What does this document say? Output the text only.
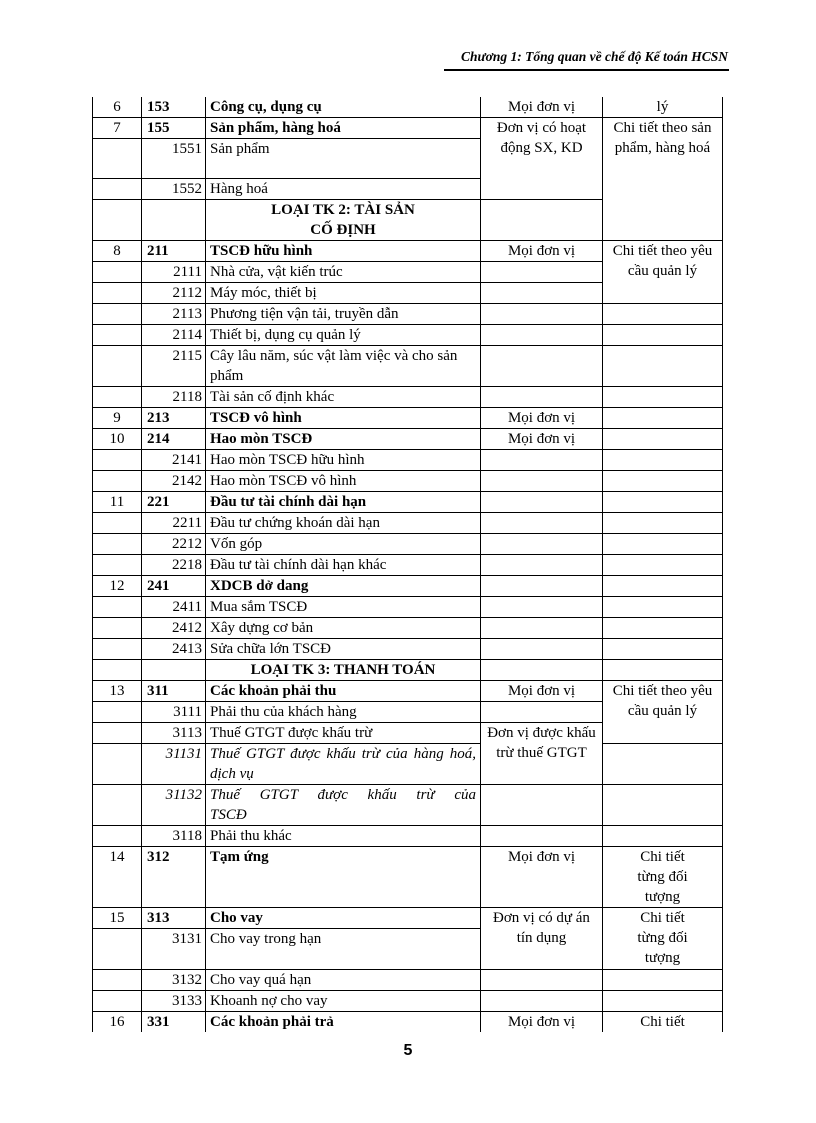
Chương 1: Tổng quan về chế độ Kế toán HCSN
6	153	Công cụ, dụng cụ	Mọi đơn vị	lý	
7	155	Sản phẩm, hàng hoá	Đơn vị có hoạt động SX, KD	Chi tiết theo sản phẩm, hàng hoá	
	1551	Sản phẩm			
	1552	Hàng hoá			
		LOẠI TK 2: TÀI SẢN CỐ ĐỊNH			
8	211	TSCĐ hữu hình	Mọi đơn vị	Chi tiết theo yêu cầu quản lý	
	2111	Nhà cửa, vật kiến trúc			
	2112	Máy móc, thiết bị			
	2113	Phương tiện vận tải, truyền dẫn			
	2114	Thiết bị, dụng cụ quản lý			
	2115	Cây lâu năm, súc vật làm việc và cho sản phẩm			
	2118	Tài sản cố định khác			
9	213	TSCĐ vô hình	Mọi đơn vị		
10	214	Hao mòn TSCĐ	Mọi đơn vị		
	2141	Hao mòn TSCĐ hữu hình			
	2142	Hao mòn TSCĐ vô hình			
11	221	Đầu tư tài chính dài hạn			
	2211	Đầu tư chứng khoán dài hạn			
	2212	Vốn góp			
	2218	Đầu tư tài chính dài hạn khác			
12	241	XDCB dở dang			
	2411	Mua sắm TSCĐ			
	2412	Xây dựng cơ bản			
	2413	Sửa chữa lớn TSCĐ			
		LOẠI TK 3: THANH TOÁN			
13	311	Các khoản phải thu	Mọi đơn vị	Chi tiết theo yêu cầu quản lý	
	3111	Phải thu của khách hàng			
	3113	Thuế GTGT được khấu trừ	Đơn vị được khấu trừ thuế GTGT		
	31131	Thuế GTGT được khấu trừ của hàng hoá, dịch vụ			
	31132	Thuế GTGT được khấu trừ của TSCĐ			

	3118	Phải thu khác			
14	312	Tạm ứng	Mọi đơn vị	Chi tiết từng đối tượng	
15	313	Cho vay	Đơn vị có dự án tín dụng	Chi tiết từng đối tượng	
	3131	Cho vay trong hạn			
	3132	Cho vay quá hạn			
	3133	Khoanh nợ cho vay			
16	331	Các khoản phải trả	Mọi đơn vị	Chi tiết	
5
